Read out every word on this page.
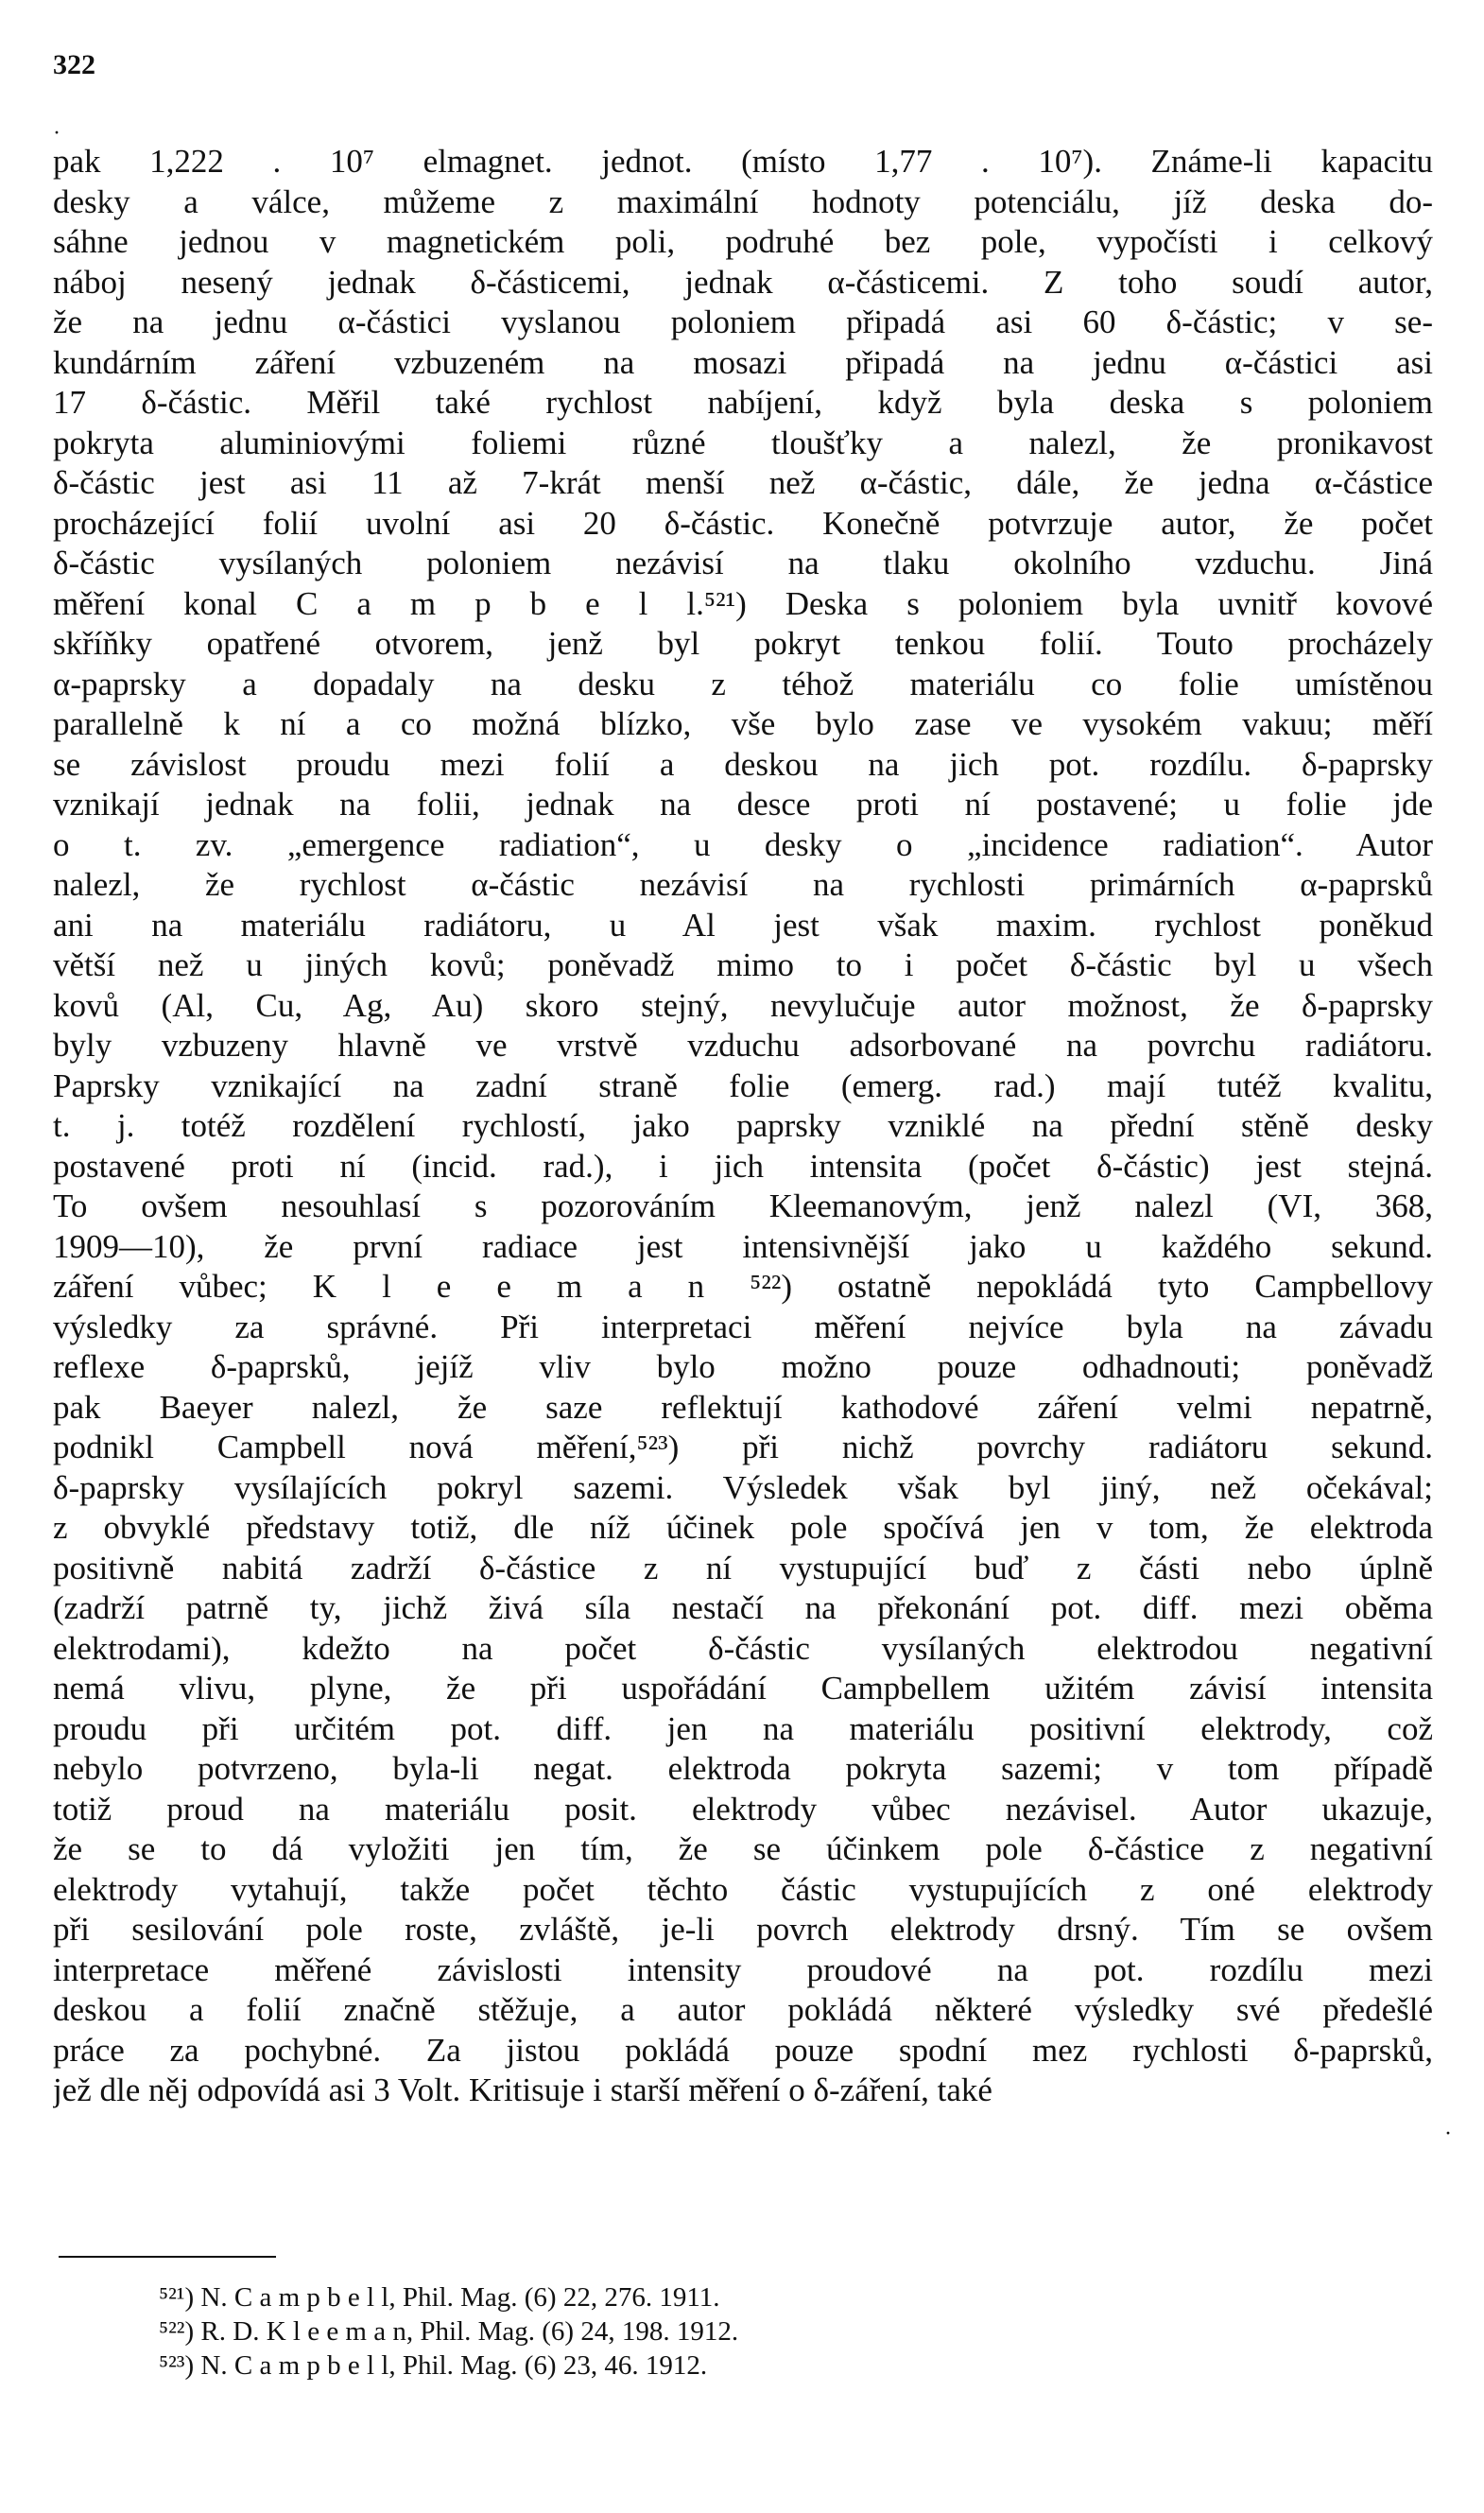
322
·
·
pak 1,222 . 10⁷ elmagnet. jednot. (místo 1,77 . 10⁷). Známe-li kapacitu
desky a válce, můžeme z maximální hodnoty potenciálu, jíž deska do-
sáhne jednou v magnetickém poli, podruhé bez pole, vypočísti i celkový
náboj nesený jednak δ-částicemi, jednak α-částicemi. Z toho soudí autor,
že na jednu α-částici vyslanou poloniem připadá asi 60 δ-částic; v se-
kundárním záření vzbuzeném na mosazi připadá na jednu α-částici asi
17 δ-částic. Měřil také rychlost nabíjení, když byla deska s poloniem
pokryta aluminiovými foliemi různé tloušťky a nalezl, že pronikavost
δ-částic jest asi 11 až 7-krát menší než α-částic, dále, že jedna α-částice
procházející folií uvolní asi 20 δ-částic. Konečně potvrzuje autor, že počet
δ-částic vysílaných poloniem nezávisí na tlaku okolního vzduchu. Jiná
měření konal C a m p b e l l.⁵²¹) Deska s poloniem byla uvnitř kovové
skříňky opatřené otvorem, jenž byl pokryt tenkou folií. Touto procházely
α-paprsky a dopadaly na desku z téhož materiálu co folie umístěnou
parallelně k ní a co možná blízko, vše bylo zase ve vysokém vakuu; měří
se závislost proudu mezi folií a deskou na jich pot. rozdílu. δ-paprsky
vznikají jednak na folii, jednak na desce proti ní postavené; u folie jde
o t. zv. „emergence radiation“, u desky o „incidence radiation“. Autor
nalezl, že rychlost α-částic nezávisí na rychlosti primárních α-paprsků
ani na materiálu radiátoru, u Al jest však maxim. rychlost poněkud
větší než u jiných kovů; poněvadž mimo to i počet δ-částic byl u všech
kovů (Al, Cu, Ag, Au) skoro stejný, nevylučuje autor možnost, že δ-paprsky
byly vzbuzeny hlavně ve vrstvě vzduchu adsorbované na povrchu radiátoru.
Paprsky vznikající na zadní straně folie (emerg. rad.) mají tutéž kvalitu,
t. j. totéž rozdělení rychlostí, jako paprsky vzniklé na přední stěně desky
postavené proti ní (incid. rad.), i jich intensita (počet δ-částic) jest stejná.
To ovšem nesouhlasí s pozorováním Kleemanovým, jenž nalezl (VI, 368,
1909—10), že první radiace jest intensivnější jako u každého sekund.
záření vůbec; K l e e m a n ⁵²²) ostatně nepokládá tyto Campbellovy
výsledky za správné. Při interpretaci měření nejvíce byla na závadu
reflexe δ-paprsků, jejíž vliv bylo možno pouze odhadnouti; poněvadž
pak Baeyer nalezl, že saze reflektují kathodové záření velmi nepatrně,
podnikl Campbell nová měření,⁵²³) při nichž povrchy radiátoru sekund.
δ-paprsky vysílajících pokryl sazemi. Výsledek však byl jiný, než očekával;
z obvyklé představy totiž, dle níž účinek pole spočívá jen v tom, že elektroda
positivně nabitá zadrží δ-částice z ní vystupující buď z části nebo úplně
(zadrží patrně ty, jichž živá síla nestačí na překonání pot. diff. mezi oběma
elektrodami), kdežto na počet δ-částic vysílaných elektrodou negativní
nemá vlivu, plyne, že při uspořádání Campbellem užitém závisí intensita
proudu při určitém pot. diff. jen na materiálu positivní elektrody, což
nebylo potvrzeno, byla-li negat. elektroda pokryta sazemi; v tom případě
totiž proud na materiálu posit. elektrody vůbec nezávisel. Autor ukazuje,
že se to dá vyložiti jen tím, že se účinkem pole δ-částice z negativní
elektrody vytahují, takže počet těchto částic vystupujících z oné elektrody
při sesilování pole roste, zvláště, je-li povrch elektrody drsný. Tím se ovšem
interpretace měřené závislosti intensity proudové na pot. rozdílu mezi
deskou a folií značně stěžuje, a autor pokládá některé výsledky své předešlé
práce za pochybné. Za jistou pokládá pouze spodní mez rychlosti δ-paprsků,
jež dle něj odpovídá asi 3 Volt. Kritisuje i starší měření o δ-záření, také
⁵²¹) N. C a m p b e l l, Phil. Mag. (6) 22, 276. 1911.
⁵²²) R. D. K l e e m a n, Phil. Mag. (6) 24, 198. 1912.
⁵²³) N. C a m p b e l l, Phil. Mag. (6) 23, 46. 1912.
